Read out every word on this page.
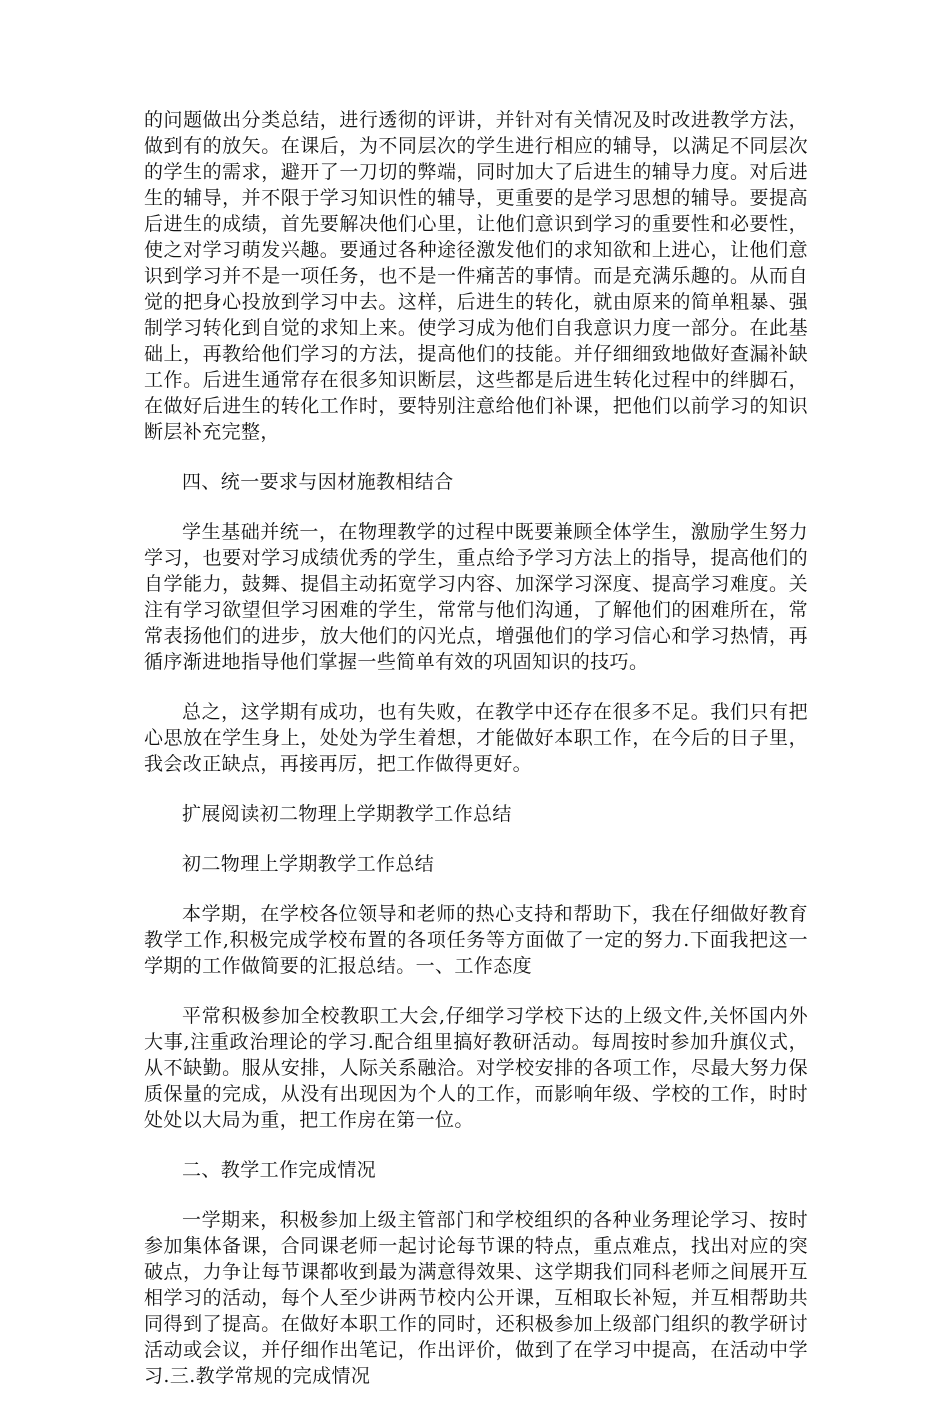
的问题做出分类总结，进行透彻的评讲，并针对有关情况及时改进教学方法，做到有的放矢。在课后，为不同层次的学生进行相应的辅导，以满足不同层次的学生的需求，避开了一刀切的弊端，同时加大了后进生的辅导力度。对后进生的辅导，并不限于学习知识性的辅导，更重要的是学习思想的辅导。要提高后进生的成绩，首先要解决他们心里，让他们意识到学习的重要性和必要性，使之对学习萌发兴趣。要通过各种途径激发他们的求知欲和上进心，让他们意识到学习并不是一项任务，也不是一件痛苦的事情。而是充满乐趣的。从而自觉的把身心投放到学习中去。这样，后进生的转化，就由原来的简单粗暴、强制学习转化到自觉的求知上来。使学习成为他们自我意识力度一部分。在此基础上，再教给他们学习的方法，提高他们的技能。并仔细细致地做好查漏补缺工作。后进生通常存在很多知识断层，这些都是后进生转化过程中的绊脚石，在做好后进生的转化工作时，要特别注意给他们补课，把他们以前学习的知识断层补充完整，

四、统一要求与因材施教相结合

学生基础并统一，在物理教学的过程中既要兼顾全体学生，激励学生努力学习，也要对学习成绩优秀的学生，重点给予学习方法上的指导，提高他们的自学能力，鼓舞、提倡主动拓宽学习内容、加深学习深度、提高学习难度。关注有学习欲望但学习困难的学生，常常与他们沟通，了解他们的困难所在，常常表扬他们的进步，放大他们的闪光点，增强他们的学习信心和学习热情，再循序渐进地指导他们掌握一些简单有效的巩固知识的技巧。

总之，这学期有成功，也有失败，在教学中还存在很多不足。我们只有把心思放在学生身上，处处为学生着想，才能做好本职工作，在今后的日子里，我会改正缺点，再接再厉，把工作做得更好。

扩展阅读初二物理上学期教学工作总结

初二物理上学期教学工作总结

本学期，在学校各位领导和老师的热心支持和帮助下，我在仔细做好教育教学工作,积极完成学校布置的各项任务等方面做了一定的努力.下面我把这一学期的工作做简要的汇报总结。一、工作态度

平常积极参加全校教职工大会,仔细学习学校下达的上级文件,关怀国内外大事,注重政治理论的学习.配合组里搞好教研活动。每周按时参加升旗仪式，从不缺勤。服从安排，人际关系融洽。对学校安排的各项工作，尽最大努力保质保量的完成，从没有出现因为个人的工作，而影响年级、学校的工作，时时处处以大局为重，把工作房在第一位。

二、教学工作完成情况

一学期来，积极参加上级主管部门和学校组织的各种业务理论学习、按时参加集体备课，合同课老师一起讨论每节课的特点，重点难点，找出对应的突破点，力争让每节课都收到最为满意得效果、这学期我们同科老师之间展开互相学习的活动，每个人至少讲两节校内公开课，互相取长补短，并互相帮助共同得到了提高。在做好本职工作的同时，还积极参加上级部门组织的教学研讨活动或会议，并仔细作出笔记，作出评价，做到了在学习中提高，在活动中学习.三.教学常规的完成情况
